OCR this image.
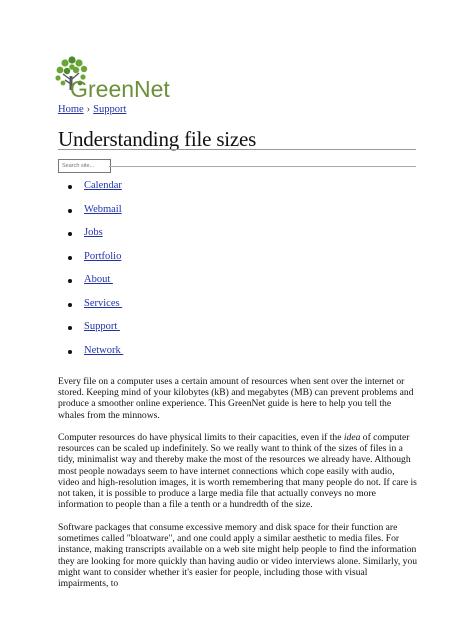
G reenNet
Home › Support
Understanding file sizes
Search site...
Calendar
Webmail
Jobs
Portfolio
About
Services
Support
Network

Every file on a computer uses a certain amount of resources when sent over the internet or stored. Keeping mind of your kilobytes (kB) and megabytes (MB) can prevent problems and produce a smoother online experience. This GreenNet guide is here to help you tell the whales from the minnows.

Computer resources do have physical limits to their capacities, even if the idea of computer resources can be scaled up indefinitely. So we really want to think of the sizes of files in a tidy, minimalist way and thereby make the most of the resources we already have. Although most people nowadays seem to have internet connections which cope easily with audio, video and high-resolution images, it is worth remembering that many people do not. If care is not taken, it is possible to produce a large media file that actually conveys no more information to people than a file a tenth or a hundredth of the size.

Software packages that consume excessive memory and disk space for their function are sometimes called "bloatware", and one could apply a similar aesthetic to media files. For instance, making transcripts available on a web site might help people to find the information they are looking for more quickly than having audio or video interviews alone. Similarly, you might want to consider whether it's easier for people, including those with visual impairments, to
